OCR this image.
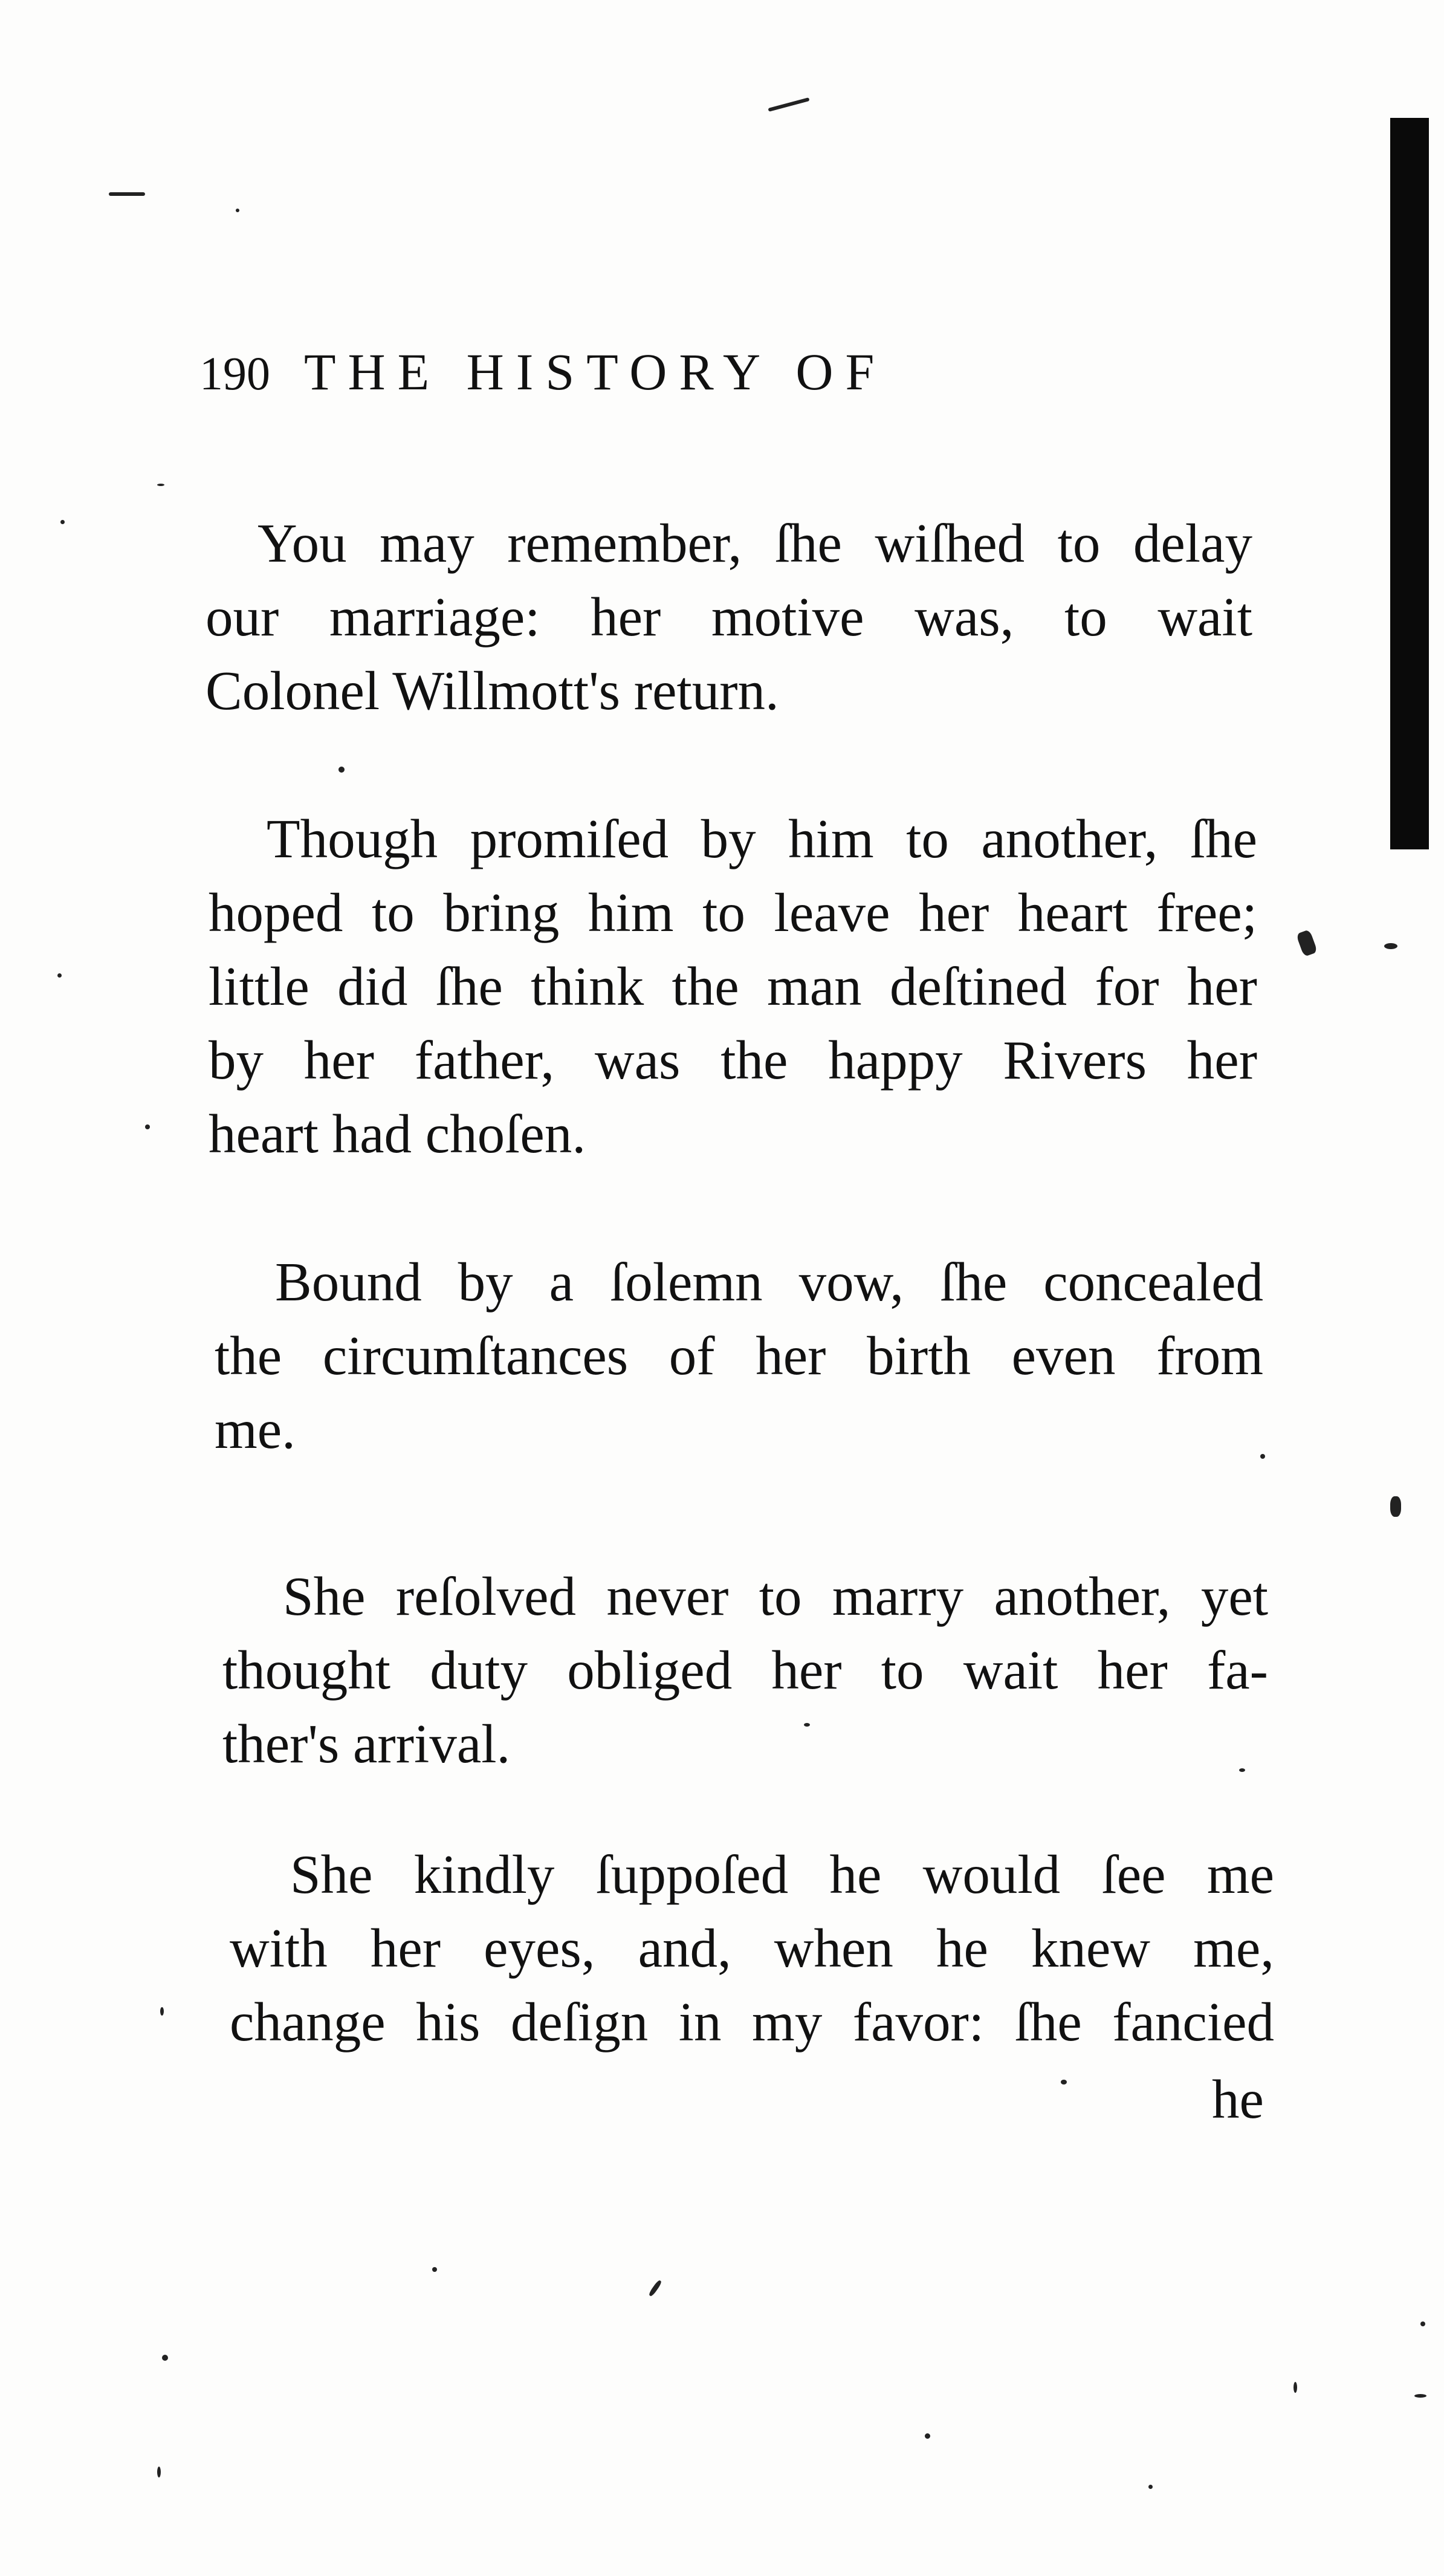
190 THE HISTORY OF
You may remember, ſhe wiſhed to delay
our marriage: her motive was, to wait
Colonel Willmott's return.
Though promiſed by him to another, ſhe
hoped to bring him to leave her heart free;
little did ſhe think the man deſtined for her
by her father, was the happy Rivers her
heart had choſen.
Bound by a ſolemn vow, ſhe concealed
the circumſtances of her birth even from
me.
She reſolved never to marry another, yet
thought duty obliged her to wait her fa-
ther's arrival.
She kindly ſuppoſed he would ſee me
with her eyes, and, when he knew me,
change his deſign in my favor: ſhe fancied
he
